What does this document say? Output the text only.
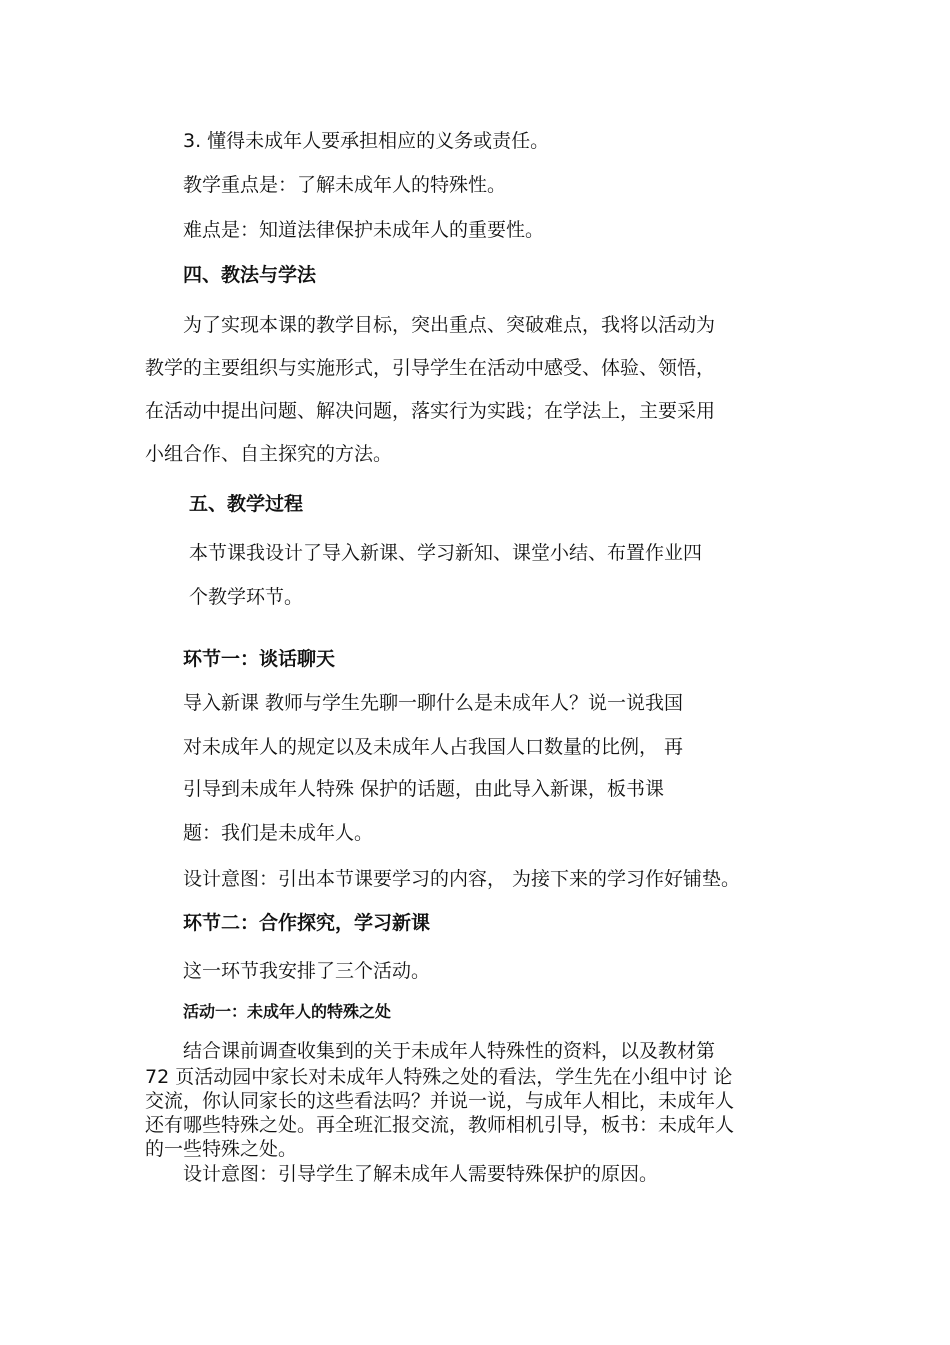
3. 懂得未成年人要承担相应的义务或责任。
教学重点是：了解未成年人的特殊性。
难点是：知道法律保护未成年人的重要性。
四、教法与学法
为了实现本课的教学目标，突出重点、突破难点，我将以活动为
教学的主要组织与实施形式，引导学生在活动中感受、体验、领悟，
在活动中提出问题、解决问题，落实行为实践；在学法上，主要采用
小组合作、自主探究的方法。
五、教学过程
本节课我设计了导入新课、学习新知、课堂小结、布置作业四
个教学环节。
环节一：谈话聊天
导入新课 教师与学生先聊一聊什么是未成年人？说一说我国
对未成年人的规定以及未成年人占我国人口数量的比例， 再
引导到未成年人特殊 保护的话题，由此导入新课，板书课
题：我们是未成年人。
设计意图：引出本节课要学习的内容， 为接下来的学习作好铺垫。
环节二：合作探究，学习新课
这一环节我安排了三个活动。
活动一：未成年人的特殊之处
结合课前调查收集到的关于未成年人特殊性的资料，以及教材第
72 页活动园中家长对未成年人特殊之处的看法，学生先在小组中讨 论
交流，你认同家长的这些看法吗？并说一说，与成年人相比，未成年人
还有哪些特殊之处。再全班汇报交流，教师相机引导，板书：未成年人
的一些特殊之处。
设计意图：引导学生了解未成年人需要特殊保护的原因。
